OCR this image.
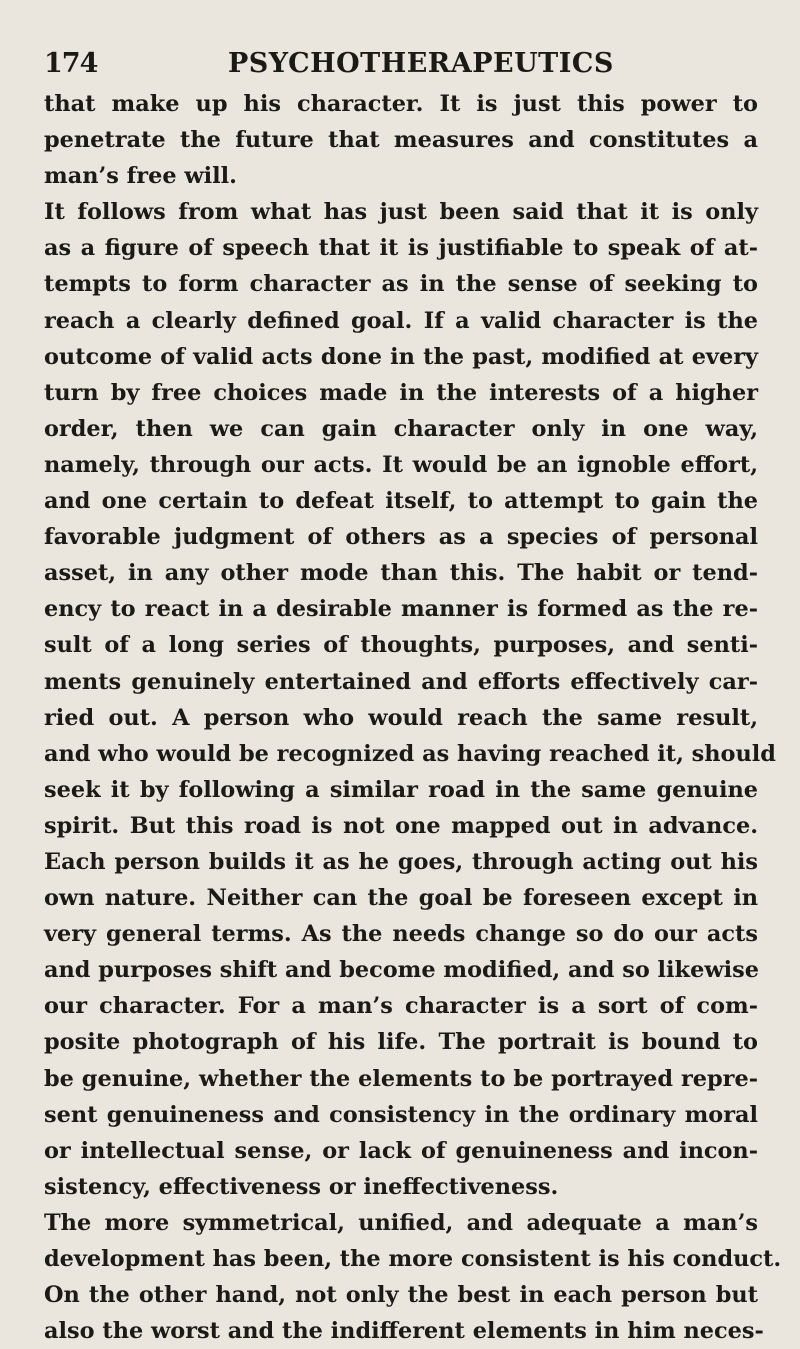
174	PSYCHOTHERAPEUTICS
that make up his character. It is just this power to
penetrate the future that measures and constitutes a
man’s free will.
It follows from what has just been said that it is only
as a figure of speech that it is justifiable to speak of at-
tempts to form character as in the sense of seeking to
reach a clearly defined goal. If a valid character is the
outcome of valid acts done in the past, modified at every
turn by free choices made in the interests of a higher
order, then we can gain character only in one way,
namely, through our acts. It would be an ignoble effort,
and one certain to defeat itself, to attempt to gain the
favorable judgment of others as a species of personal
asset, in any other mode than this. The habit or tend-
ency to react in a desirable manner is formed as the re-
sult of a long series of thoughts, purposes, and senti-
ments genuinely entertained and efforts effectively car-
ried out. A person who would reach the same result,
and who would be recognized as having reached it, should
seek it by following a similar road in the same genuine
spirit. But this road is not one mapped out in advance.
Each person builds it as he goes, through acting out his
own nature. Neither can the goal be foreseen except in
very general terms. As the needs change so do our acts
and purposes shift and become modified, and so likewise
our character. For a man’s character is a sort of com-
posite photograph of his life. The portrait is bound to
be genuine, whether the elements to be portrayed repre-
sent genuineness and consistency in the ordinary moral
or intellectual sense, or lack of genuineness and incon-
sistency, effectiveness or ineffectiveness.
The more symmetrical, unified, and adequate a man’s
development has been, the more consistent is his conduct.
On the other hand, not only the best in each person but
also the worst and the indifferent elements in him neces-
